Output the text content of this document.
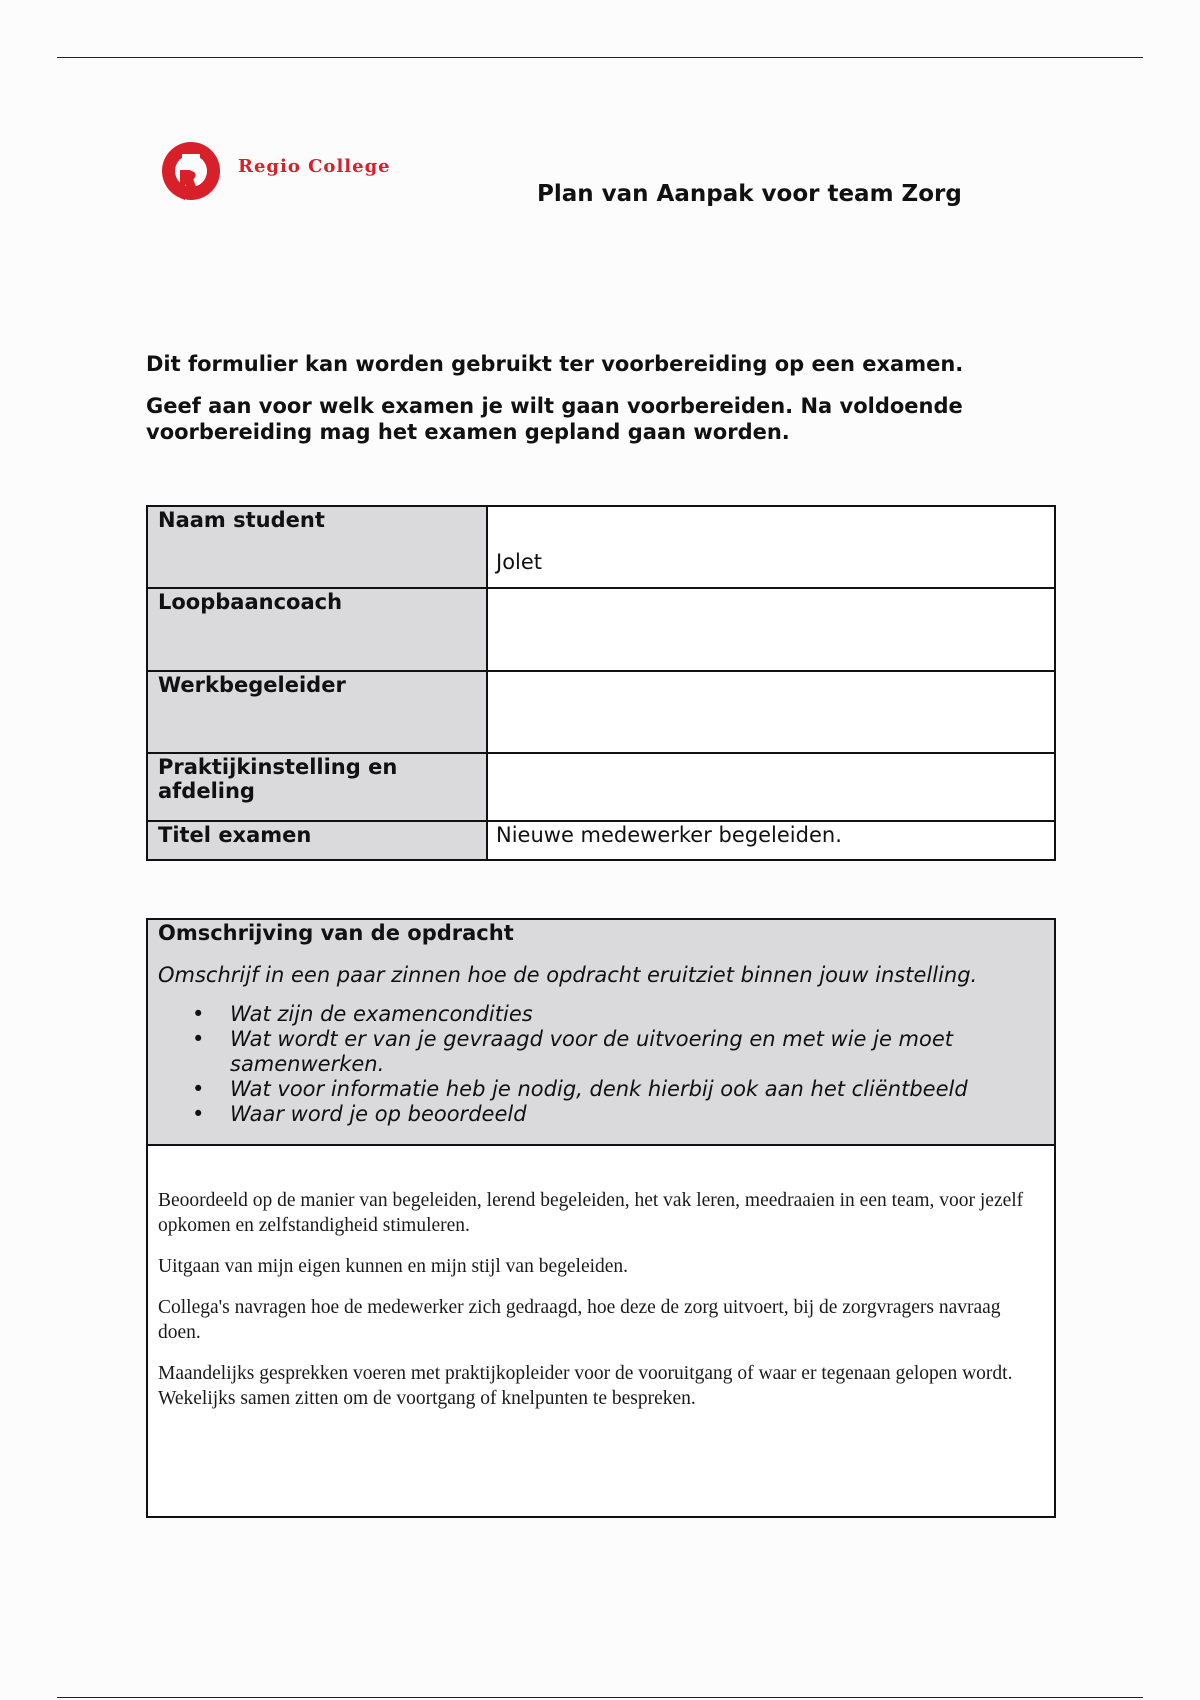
Regio College
Plan van Aanpak voor team Zorg
Dit formulier kan worden gebruikt ter voorbereiding op een examen.
Geef aan voor welk examen je wilt gaan voorbereiden. Na voldoende voorbereiding mag het examen gepland gaan worden.
Naam student	Jolet

Loopbaancoach	
Werkbegeleider	
Praktijkinstelling en afdeling	
Titel examen	Nieuwe medewerker begeleiden.
Omschrijving van de opdracht
Omschrijf in een paar zinnen hoe de opdracht eruitziet binnen jouw instelling.
• Wat zijn de examencondities
• Wat wordt er van je gevraagd voor de uitvoering en met wie je moet samenwerken.
• Wat voor informatie heb je nodig, denk hierbij ook aan het cliëntbeeld
• Waar word je op beoordeeld

Beoordeeld op de manier van begeleiden, lerend begeleiden, het vak leren, meedraaien in een team, voor jezelf opkomen en zelfstandigheid stimuleren.

Uitgaan van mijn eigen kunnen en mijn stijl van begeleiden.

Collega's navragen hoe de medewerker zich gedraagd, hoe deze de zorg uitvoert, bij de zorgvragers navraag doen.

Maandelijks gesprekken voeren met praktijkopleider voor de vooruitgang of waar er tegenaan gelopen wordt. Wekelijks samen zitten om de voortgang of knelpunten te bespreken.
